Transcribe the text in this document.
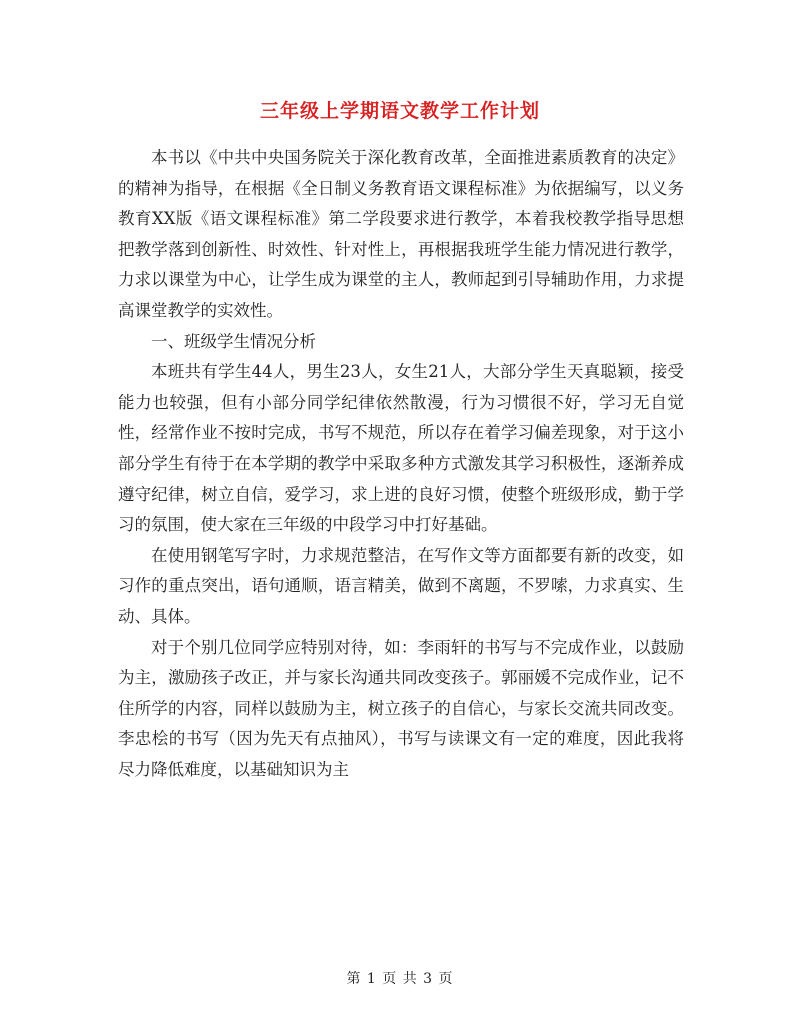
三年级上学期语文教学工作计划

本书以《中共中央国务院关于深化教育改革，全面推进素质教育的决定》的精神为指导，在根据《全日制义务教育语文课程标准》为依据编写，以义务教育XX版《语文课程标准》第二学段要求进行教学，本着我校教学指导思想把教学落到创新性、时效性、针对性上，再根据我班学生能力情况进行教学，力求以课堂为中心，让学生成为课堂的主人，教师起到引导辅助作用，力求提高课堂教学的实效性。

一、班级学生情况分析

本班共有学生44人，男生23人，女生21人，大部分学生天真聪颖，接受能力也较强，但有小部分同学纪律依然散漫，行为习惯很不好，学习无自觉性，经常作业不按时完成，书写不规范，所以存在着学习偏差现象，对于这小部分学生有待于在本学期的教学中采取多种方式激发其学习积极性，逐渐养成遵守纪律，树立自信，爱学习，求上进的良好习惯，使整个班级形成，勤于学习的氛围，使大家在三年级的中段学习中打好基础。

在使用钢笔写字时，力求规范整洁，在写作文等方面都要有新的改变，如习作的重点突出，语句通顺，语言精美，做到不离题，不罗嗦，力求真实、生动、具体。

对于个别几位同学应特别对待，如：李雨轩的书写与不完成作业，以鼓励为主，激励孩子改正，并与家长沟通共同改变孩子。郭丽媛不完成作业，记不住所学的内容，同样以鼓励为主，树立孩子的自信心，与家长交流共同改变。李忠桧的书写（因为先天有点抽风），书写与读课文有一定的难度，因此我将尽力降低难度，以基础知识为主

第 1 页 共 3 页
